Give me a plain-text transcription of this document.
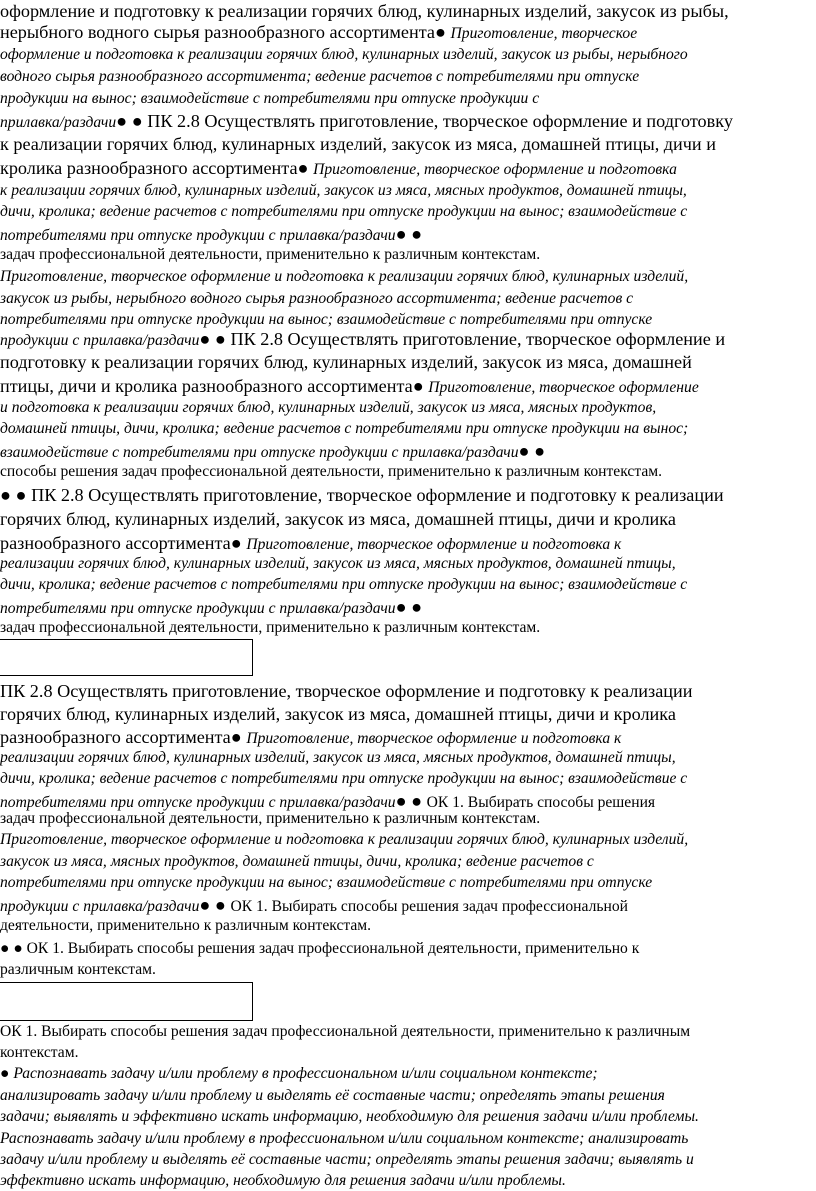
оформление и подготовку к реализации горячих блюд, кулинарных изделий, закусок из рыбы,

нерыбного водного сырья разнообразного ассортимента● Приготовление, творческое

оформление и подготовка к реализации горячих блюд, кулинарных изделий, закусок из рыбы, нерыбного

водного сырья разнообразного ассортимента; ведение расчетов с потребителями при отпуске

продукции на вынос; взаимодействие с потребителями при отпуске продукции с

прилавка/раздачи● ● ПК 2.8 Осуществлять приготовление, творческое оформление и подготовку

к реализации горячих блюд, кулинарных изделий, закусок из мяса, домашней птицы, дичи и

кролика разнообразного ассортимента● Приготовление, творческое оформление и подготовка

к реализации горячих блюд, кулинарных изделий, закусок из мяса, мясных продуктов, домашней птицы,

дичи, кролика; ведение расчетов с потребителями при отпуске продукции на вынос; взаимодействие с

потребителями при отпуске продукции с прилавка/раздачи● ●

задач профессиональной деятельности, применительно к различным контекстам.

Приготовление, творческое оформление и подготовка к реализации горячих блюд, кулинарных изделий,

закусок из рыбы, нерыбного водного сырья разнообразного ассортимента; ведение расчетов с

потребителями при отпуске продукции на вынос; взаимодействие с потребителями при отпуске

продукции с прилавка/раздачи● ● ПК 2.8 Осуществлять приготовление, творческое оформление и

подготовку к реализации горячих блюд, кулинарных изделий, закусок из мяса, домашней

птицы, дичи и кролика разнообразного ассортимента● Приготовление, творческое оформление

и подготовка к реализации горячих блюд, кулинарных изделий, закусок из мяса, мясных продуктов,

домашней птицы, дичи, кролика; ведение расчетов с потребителями при отпуске продукции на вынос;

взаимодействие с потребителями при отпуске продукции с прилавка/раздачи● ●

способы решения задач профессиональной деятельности, применительно к различным контекстам.

● ● ПК 2.8 Осуществлять приготовление, творческое оформление и подготовку к реализации

горячих блюд, кулинарных изделий, закусок из мяса, домашней птицы, дичи и кролика

разнообразного ассортимента● Приготовление, творческое оформление и подготовка к

реализации горячих блюд, кулинарных изделий, закусок из мяса, мясных продуктов, домашней птицы,

дичи, кролика; ведение расчетов с потребителями при отпуске продукции на вынос; взаимодействие с

потребителями при отпуске продукции с прилавка/раздачи● ●

задач профессиональной деятельности, применительно к различным контекстам.

ПК 2.8 Осуществлять приготовление, творческое оформление и подготовку к реализации

горячих блюд, кулинарных изделий, закусок из мяса, домашней птицы, дичи и кролика

разнообразного ассортимента● Приготовление, творческое оформление и подготовка к

реализации горячих блюд, кулинарных изделий, закусок из мяса, мясных продуктов, домашней птицы,

дичи, кролика; ведение расчетов с потребителями при отпуске продукции на вынос; взаимодействие с

потребителями при отпуске продукции с прилавка/раздачи● ● ОК 1. Выбирать способы решения

задач профессиональной деятельности, применительно к различным контекстам.

Приготовление, творческое оформление и подготовка к реализации горячих блюд, кулинарных изделий,

закусок из мяса, мясных продуктов, домашней птицы, дичи, кролика; ведение расчетов с

потребителями при отпуске продукции на вынос; взаимодействие с потребителями при отпуске

продукции с прилавка/раздачи● ● ОК 1. Выбирать способы решения задач профессиональной

деятельности, применительно к различным контекстам.

● ● ОК 1. Выбирать способы решения задач профессиональной деятельности, применительно к

различным контекстам.

ОК 1. Выбирать способы решения задач профессиональной деятельности, применительно к различным

контекстам.

● Распознавать задачу и/или проблему в профессиональном и/или социальном контексте;

анализировать задачу и/или проблему и выделять её составные части; определять этапы решения

задачи; выявлять и эффективно искать информацию, необходимую для решения задачи и/или проблемы.

Распознавать задачу и/или проблему в профессиональном и/или социальном контексте; анализировать

задачу и/или проблему и выделять её составные части; определять этапы решения задачи; выявлять и

эффективно искать информацию, необходимую для решения задачи и/или проблемы.
